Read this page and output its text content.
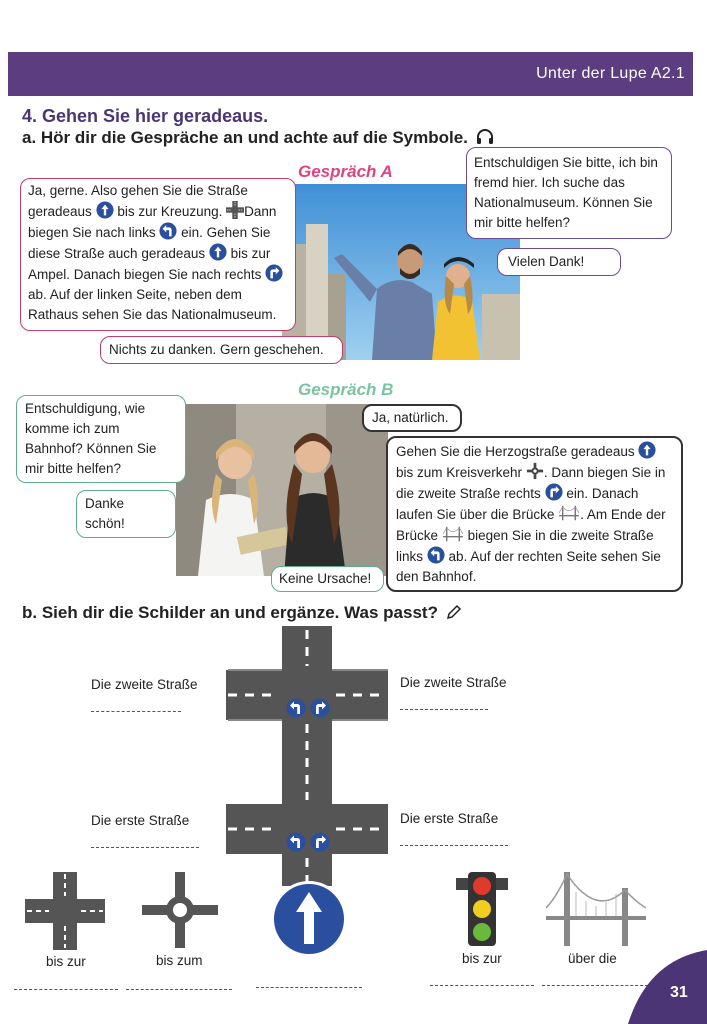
Unter der Lupe A2.1
4. Gehen Sie hier geradeaus.
a. Hör dir die Gespräche an und achte auf die Symbole.
Gespräch A	Entschuldigen Sie bitte, ich bin fremd hier. Ich suche das Nationalmuseum. Können Sie mir bitte helfen?
Ja, gerne. Also gehen Sie die Straße geradeaus bis zur Kreuzung. Dann biegen Sie nach links ein. Gehen Sie diese Straße auch geradeaus bis zur Ampel. Danach biegen Sie nach rechts  ab. Auf der linken Seite, neben dem Rathaus sehen Sie das Nationalmuseum.
Vielen Dank!
Nichts zu danken. Gern geschehen.
Gespräch B
Entschuldigung, wie komme ich zum Bahnhof? Können Sie mir bitte helfen?
Ja, natürlich.
Gehen Sie die Herzogstraße geradeaus  bis zum Kreisverkehr . Dann biegen Sie in die zweite Straße rechts ein. Danach laufen Sie über die Brücke . Am Ende der Brücke biegen Sie in die zweite Straße links ab. Auf der rechten Seite sehen Sie den Bahnhof.
Danke schön!
Keine Ursache!
b. Sieh dir die Schilder an und ergänze. Was passt?
Die zweite Straße	Die zweite Straße
Die erste Straße	Die erste Straße
bis zur	bis zum	bis zur	über die
31
